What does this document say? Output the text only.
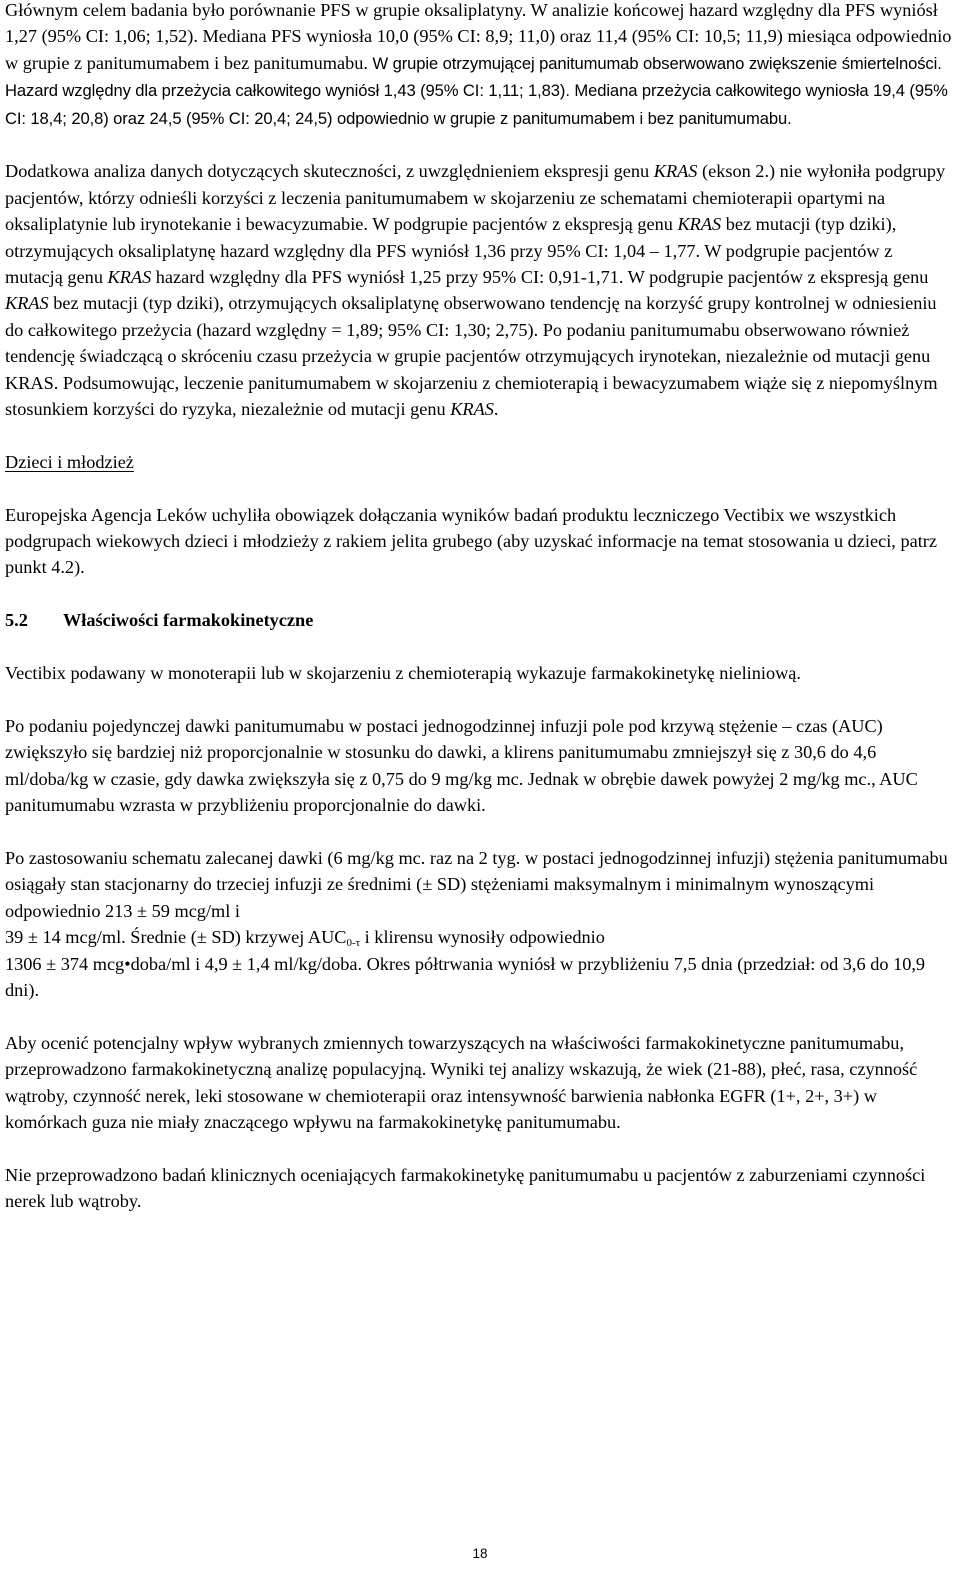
Głównym celem badania było porównanie PFS w grupie oksaliplatyny. W analizie końcowej hazard względny dla PFS wyniósł 1,27 (95% CI: 1,06; 1,52). Mediana PFS wyniosła 10,0 (95% CI: 8,9; 11,0) oraz 11,4 (95% CI: 10,5; 11,9) miesiąca odpowiednio w grupie z panitumumabem i bez panitumumabu. W grupie otrzymującej panitumumab obserwowano zwiększenie śmiertelności. Hazard względny dla przeżycia całkowitego wyniósł 1,43 (95% CI: 1,11; 1,83). Mediana przeżycia całkowitego wyniosła 19,4 (95% CI: 18,4; 20,8) oraz 24,5 (95% CI: 20,4; 24,5) odpowiednio w grupie z panitumumabem i bez panitumumabu.

Dodatkowa analiza danych dotyczących skuteczności, z uwzględnieniem ekspresji genu KRAS (ekson 2.) nie wyłoniła podgrupy pacjentów, którzy odnieśli korzyści z leczenia panitumumabem w skojarzeniu ze schematami chemioterapii opartymi na oksaliplatynie lub irynotekanie i bewacyzumabie. W podgrupie pacjentów z ekspresją genu KRAS bez mutacji (typ dziki), otrzymujących oksaliplatynę hazard względny dla PFS wyniósł 1,36 przy 95% CI: 1,04 – 1,77. W podgrupie pacjentów z mutacją genu KRAS hazard względny dla PFS wyniósł 1,25 przy 95% CI: 0,91-1,71. W podgrupie pacjentów z ekspresją genu KRAS bez mutacji (typ dziki), otrzymujących oksaliplatynę obserwowano tendencję na korzyść grupy kontrolnej w odniesieniu do całkowitego przeżycia (hazard względny = 1,89; 95% CI: 1,30; 2,75). Po podaniu panitumumabu obserwowano również tendencję świadczącą o skróceniu czasu przeżycia w grupie pacjentów otrzymujących irynotekan, niezależnie od mutacji genu KRAS. Podsumowując, leczenie panitumumabem w skojarzeniu z chemioterapią i bewacyzumabem wiąże się z niepomyślnym stosunkiem korzyści do ryzyka, niezależnie od mutacji genu KRAS.

Dzieci i młodzież

Europejska Agencja Leków uchyliła obowiązek dołączania wyników badań produktu leczniczego Vectibix we wszystkich podgrupach wiekowych dzieci i młodzieży z rakiem jelita grubego (aby uzyskać informacje na temat stosowania u dzieci, patrz punkt 4.2).

5.2 Właściwości farmakokinetyczne

Vectibix podawany w monoterapii lub w skojarzeniu z chemioterapią wykazuje farmakokinetykę nieliniową.

Po podaniu pojedynczej dawki panitumumabu w postaci jednogodzinnej infuzji pole pod krzywą stężenie – czas (AUC) zwiększyło się bardziej niż proporcjonalnie w stosunku do dawki, a klirens panitumumabu zmniejszył się z 30,6 do 4,6 ml/doba/kg w czasie, gdy dawka zwiększyła się z 0,75 do 9 mg/kg mc. Jednak w obrębie dawek powyżej 2 mg/kg mc., AUC panitumumabu wzrasta w przybliżeniu proporcjonalnie do dawki.

Po zastosowaniu schematu zalecanej dawki (6 mg/kg mc. raz na 2 tyg. w postaci jednogodzinnej infuzji) stężenia panitumumabu osiągały stan stacjonarny do trzeciej infuzji ze średnimi (± SD) stężeniami maksymalnym i minimalnym wynoszącymi odpowiednio 213 ± 59 mcg/ml i
39 ± 14 mcg/ml. Średnie (± SD) krzywej $AUC_{0-\tau}$ i klirensu wynosiły odpowiednio
1306 ± 374 mcg•doba/ml i 4,9 ± 1,4 ml/kg/doba. Okres półtrwania wyniósł w przybliżeniu 7,5 dnia (przedział: od 3,6 do 10,9 dni).

Aby ocenić potencjalny wpływ wybranych zmiennych towarzyszących na właściwości farmakokinetyczne panitumumabu, przeprowadzono farmakokinetyczną analizę populacyjną. Wyniki tej analizy wskazują, że wiek (21-88), płeć, rasa, czynność wątroby, czynność nerek, leki stosowane w chemioterapii oraz intensywność barwienia nabłonka EGFR (1+, 2+, 3+) w komórkach guza nie miały znaczącego wpływu na farmakokinetykę panitumumabu.

Nie przeprowadzono badań klinicznych oceniających farmakokinetykę panitumumabu u pacjentów z zaburzeniami czynności nerek lub wątroby.

18
